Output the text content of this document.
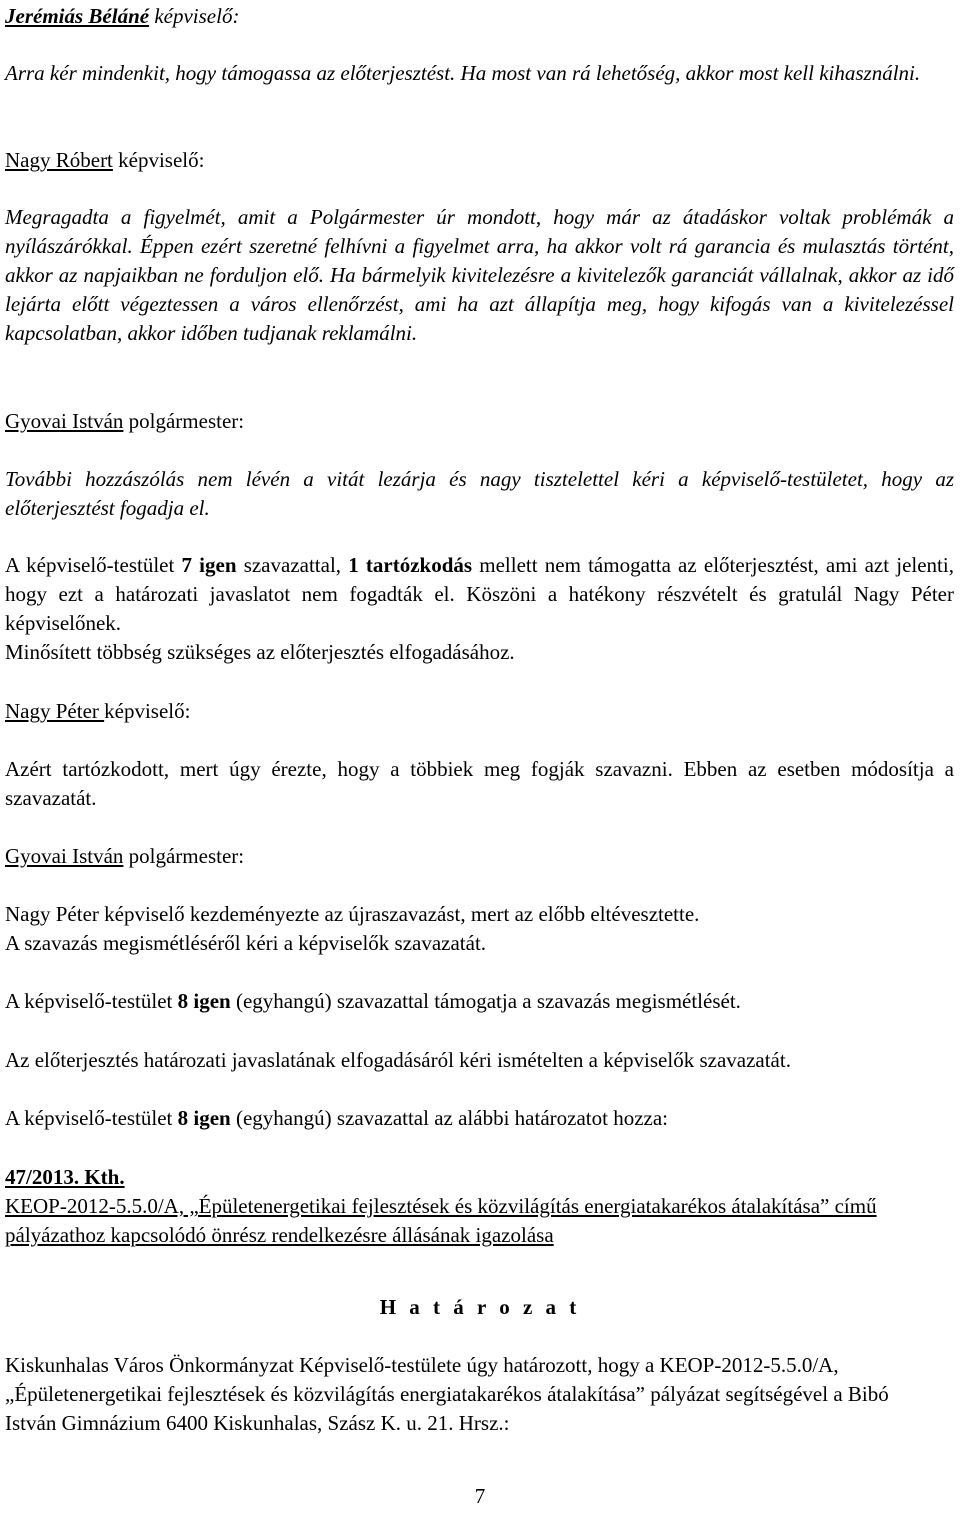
Jerémiás Béláné képviselő:
Arra kér mindenkit, hogy támogassa az előterjesztést. Ha most van rá lehetőség, akkor most kell kihasználni.
Nagy Róbert képviselő:
Megragadta a figyelmét, amit a Polgármester úr mondott, hogy már az átadáskor voltak problémák a nyílászárókkal. Éppen ezért szeretné felhívni a figyelmet arra, ha akkor volt rá garancia és mulasztás történt, akkor az napjaikban ne forduljon elő. Ha bármelyik kivitelezésre a kivitelezők garanciát vállalnak, akkor az idő lejárta előtt végeztessen a város ellenőrzést, ami ha azt állapítja meg, hogy kifogás van a kivitelezéssel kapcsolatban, akkor időben tudjanak reklamálni.
Gyovai István polgármester:
További hozzászólás nem lévén a vitát lezárja és nagy tisztelettel kéri a képviselő-testületet, hogy az előterjesztést fogadja el.
A képviselő-testület 7 igen szavazattal, 1 tartózkodás mellett nem támogatta az előterjesztést, ami azt jelenti, hogy ezt a határozati javaslatot nem fogadták el. Köszöni a hatékony részvételt és gratulál Nagy Péter képviselőnek.
Minősített többség szükséges az előterjesztés elfogadásához.
Nagy Péter képviselő:
Azért tartózkodott, mert úgy érezte, hogy a többiek meg fogják szavazni. Ebben az esetben módosítja a szavazatát.
Gyovai István polgármester:
Nagy Péter képviselő kezdeményezte az újraszavazást, mert az előbb eltévesztette.
A szavazás megismétléséről kéri a képviselők szavazatát.
A képviselő-testület 8 igen (egyhangú) szavazattal támogatja a szavazás megismétlését.
Az előterjesztés határozati javaslatának elfogadásáról kéri ismételten a képviselők szavazatát.
A képviselő-testület 8 igen (egyhangú) szavazattal az alábbi határozatot hozza:
47/2013. Kth.
KEOP-2012-5.5.0/A, „Épületenergetikai fejlesztések és közvilágítás energiatakarékos átalakítása” című pályázathoz kapcsolódó önrész rendelkezésre állásának igazolása
H a t á r o z a t
Kiskunhalas Város Önkormányzat Képviselő-testülete úgy határozott, hogy a KEOP-2012-5.5.0/A, „Épületenergetikai fejlesztések és közvilágítás energiatakarékos átalakítása” pályázat segítségével a Bibó István Gimnázium 6400 Kiskunhalas, Szász K. u. 21. Hrsz.:
7
